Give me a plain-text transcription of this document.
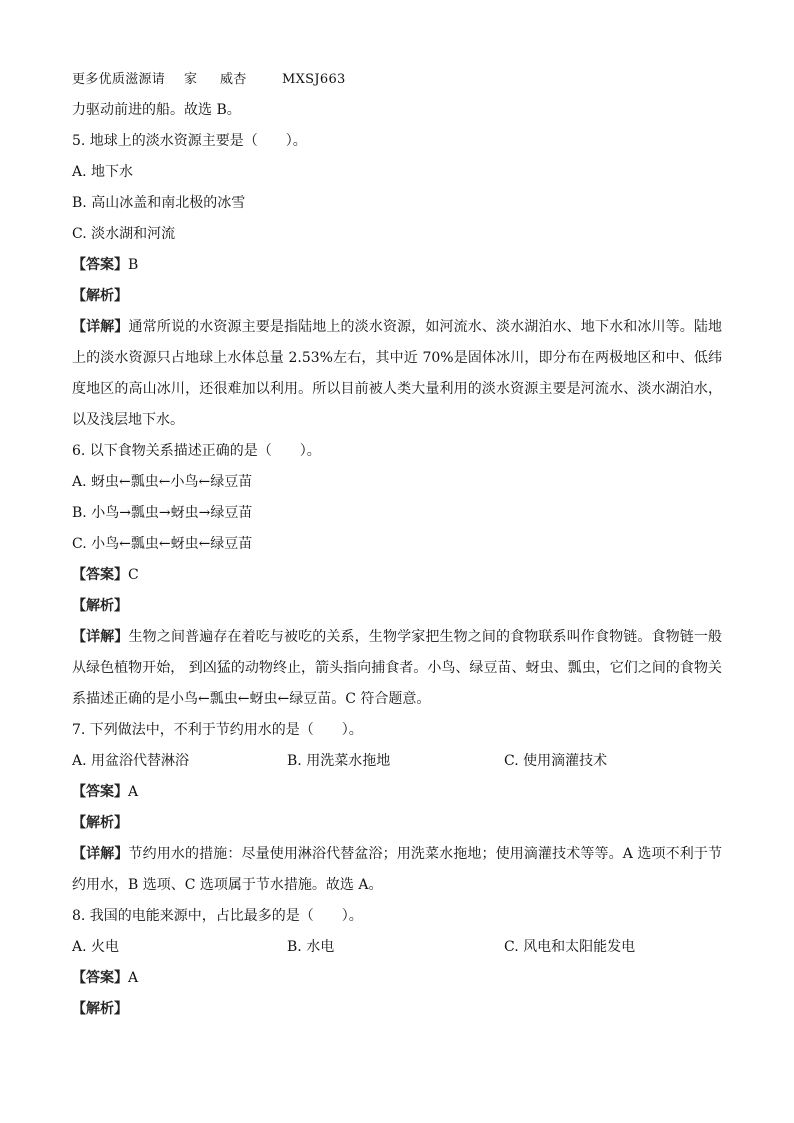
更多优质滋源请 家 威杏	MXSJ663
力驱动前进的船。故选 B。
5. 地球上的淡水资源主要是（　　）。
A. 地下水
B. 高山冰盖和南北极的冰雪
C. 淡水湖和河流
【答案】B
【解析】
【详解】通常所说的水资源主要是指陆地上的淡水资源，如河流水、淡水湖泊水、地下水和冰川等。陆地上的淡水资源只占地球上水体总量 2.53%左右，其中近 70%是固体冰川，即分布在两极地区和中、低纬度地区的高山冰川，还很难加以利用。所以目前被人类大量利用的淡水资源主要是河流水、淡水湖泊水，以及浅层地下水。
6. 以下食物关系描述正确的是（　　）。
A. 蚜虫←瓢虫←小鸟←绿豆苗
B. 小鸟→瓢虫→蚜虫→绿豆苗
C. 小鸟←瓢虫←蚜虫←绿豆苗
【答案】C
【解析】
【详解】生物之间普遍存在着吃与被吃的关系，生物学家把生物之间的食物联系叫作食物链。食物链一般从绿色植物开始， 到凶猛的动物终止，箭头指向捕食者。小鸟、绿豆苗、蚜虫、瓢虫，它们之间的食物关系描述正确的是小鸟←瓢虫←蚜虫←绿豆苗。C 符合题意。
7. 下列做法中，不利于节约用水的是（　　）。
A. 用盆浴代替淋浴	B. 用洗菜水拖地	C. 使用滴灌技术
【答案】A
【解析】
【详解】节约用水的措施：尽量使用淋浴代替盆浴；用洗菜水拖地；使用滴灌技术等等。A 选项不利于节约用水，B 选项、C 选项属于节水措施。故选 A。
8. 我国的电能来源中，占比最多的是（　　）。
A. 火电	B. 水电	C. 风电和太阳能发电
【答案】A
【解析】
